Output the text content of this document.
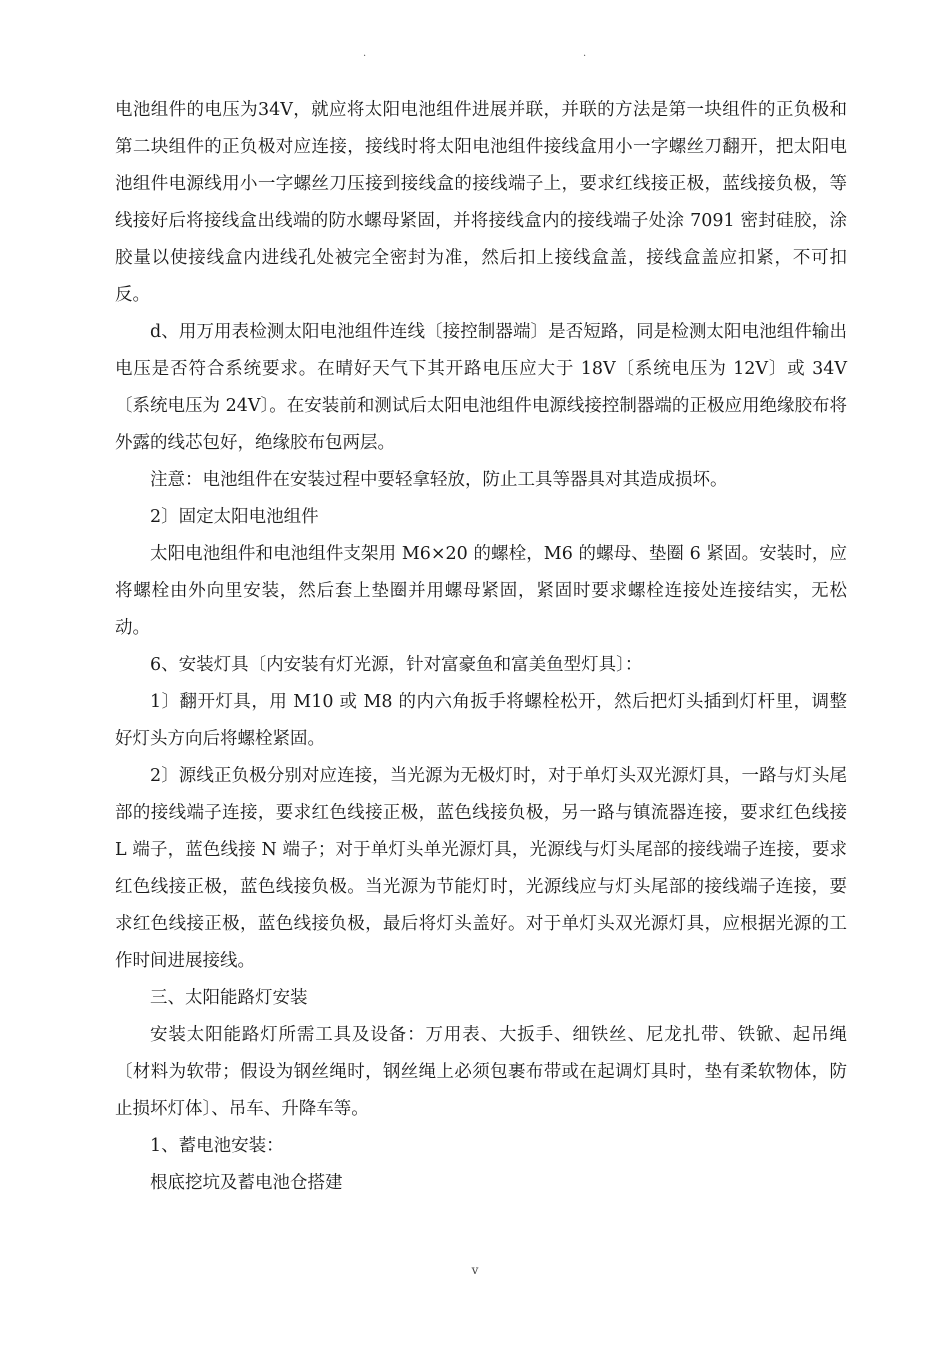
.	.

电池组件的电压为34V，就应将太阳电池组件进展并联，并联的方法是第一块组件的正负极和第二块组件的正负极对应连接，接线时将太阳电池组件接线盒用小一字螺丝刀翻开，把太阳电池组件电源线用小一字螺丝刀压接到接线盒的接线端子上，要求红线接正极，蓝线接负极，等线接好后将接线盒出线端的防水螺母紧固，并将接线盒内的接线端子处涂 7091 密封硅胶，涂胶量以使接线盒内进线孔处被完全密封为准，然后扣上接线盒盖，接线盒盖应扣紧，不可扣反。

d、用万用表检测太阳电池组件连线〔接控制器端〕是否短路，同是检测太阳电池组件输出电压是否符合系统要求。在晴好天气下其开路电压应大于 18V〔系统电压为 12V〕或 34V〔系统电压为 24V〕。在安装前和测试后太阳电池组件电源线接控制器端的正极应用绝缘胶布将外露的线芯包好，绝缘胶布包两层。

注意：电池组件在安装过程中要轻拿轻放，防止工具等器具对其造成损坏。

2〕固定太阳电池组件

太阳电池组件和电池组件支架用 M6×20 的螺栓，M6 的螺母、垫圈 6 紧固。安装时，应将螺栓由外向里安装，然后套上垫圈并用螺母紧固，紧固时要求螺栓连接处连接结实，无松动。

6、安装灯具〔内安装有灯光源，针对富豪鱼和富美鱼型灯具〕：

1〕翻开灯具，用 M10 或 M8 的内六角扳手将螺栓松开，然后把灯头插到灯杆里，调整好灯头方向后将螺栓紧固。

2〕源线正负极分别对应连接，当光源为无极灯时，对于单灯头双光源灯具，一路与灯头尾部的接线端子连接，要求红色线接正极，蓝色线接负极，另一路与镇流器连接，要求红色线接 L 端子，蓝色线接 N 端子；对于单灯头单光源灯具，光源线与灯头尾部的接线端子连接，要求红色线接正极，蓝色线接负极。当光源为节能灯时，光源线应与灯头尾部的接线端子连接，要求红色线接正极，蓝色线接负极，最后将灯头盖好。对于单灯头双光源灯具，应根据光源的工作时间进展接线。

三、太阳能路灯安装

安装太阳能路灯所需工具及设备：万用表、大扳手、细铁丝、尼龙扎带、铁锨、起吊绳〔材料为软带；假设为钢丝绳时，钢丝绳上必须包裹布带或在起调灯具时，垫有柔软物体，防止损坏灯体〕、吊车、升降车等。

1、蓄电池安装：

根底挖坑及蓄电池仓搭建

v
